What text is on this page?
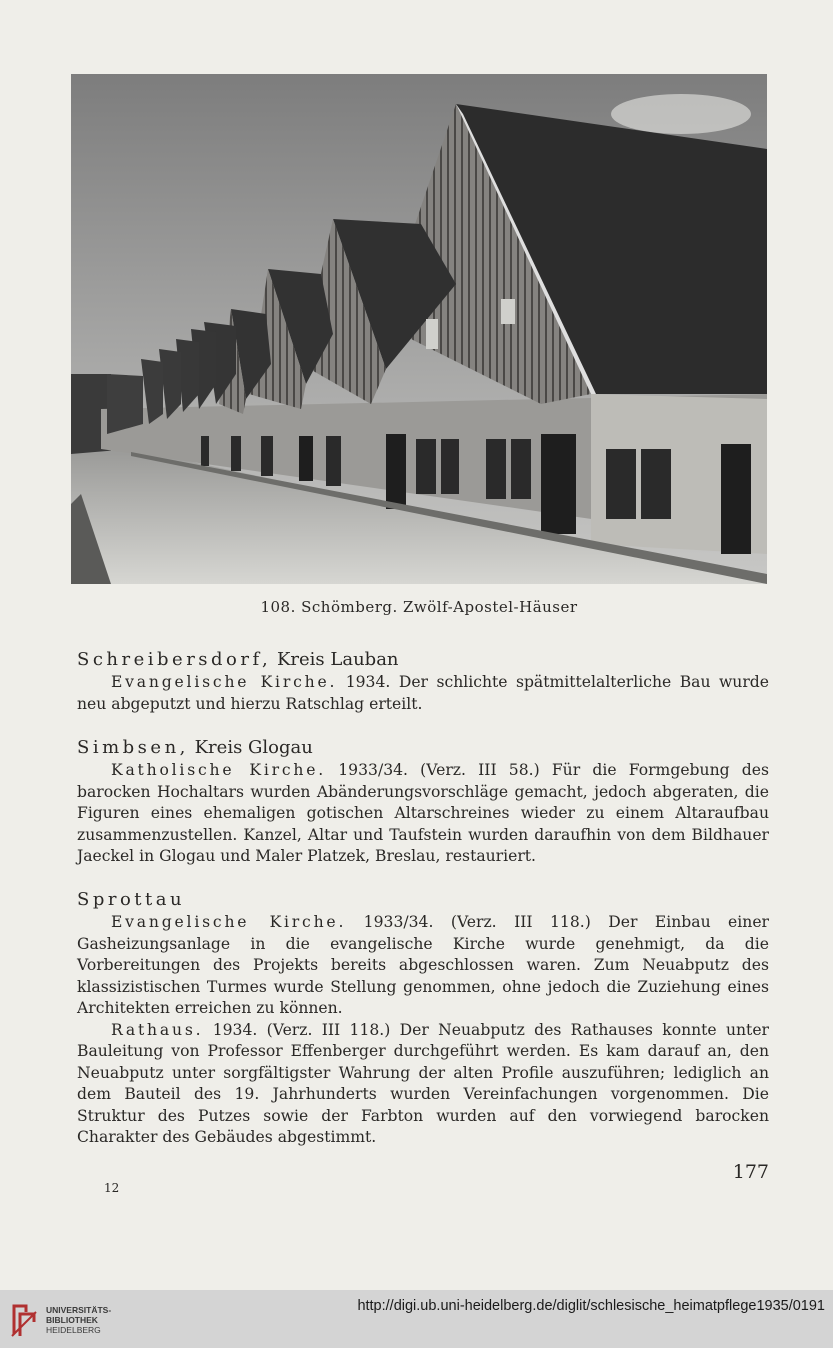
108. Schömberg. Zwölf-Apostel-Häuser
Schreibersdorf, Kreis Lauban

Evangelische Kirche. 1934. Der schlichte spätmittelalterliche Bau wurde neu abgeputzt und hierzu Ratschlag erteilt.

Simbsen, Kreis Glogau

Katholische Kirche. 1933/34. (Verz. III 58.) Für die Formgebung des barocken Hochaltars wurden Abänderungsvorschläge gemacht, jedoch abgeraten, die Figuren eines ehemaligen gotischen Altarschreines wieder zu einem Altaraufbau zusammenzustellen. Kanzel, Altar und Taufstein wurden daraufhin von dem Bildhauer Jaeckel in Glogau und Maler Platzek, Breslau, restauriert.

Sprottau

Evangelische Kirche. 1933/34. (Verz. III 118.) Der Einbau einer Gasheizungsanlage in die evangelische Kirche wurde genehmigt, da die Vorbereitungen des Projekts bereits abgeschlossen waren. Zum Neuabputz des klassizistischen Turmes wurde Stellung genommen, ohne jedoch die Zuziehung eines Architekten erreichen zu können.

Rathaus. 1934. (Verz. III 118.) Der Neuabputz des Rathauses konnte unter Bauleitung von Professor Effenberger durchgeführt werden. Es kam darauf an, den Neuabputz unter sorgfältigster Wahrung der alten Profile auszuführen; lediglich an dem Bauteil des 19. Jahrhunderts wurden Vereinfachungen vorgenommen. Die Struktur des Putzes sowie der Farbton wurden auf den vorwiegend barocken Charakter des Gebäudes abgestimmt.

177
12
UNIVERSITÄTS-
BIBLIOTHEK
HEIDELBERG
http://digi.ub.uni-heidelberg.de/diglit/schlesische_heimatpflege1935/0191
